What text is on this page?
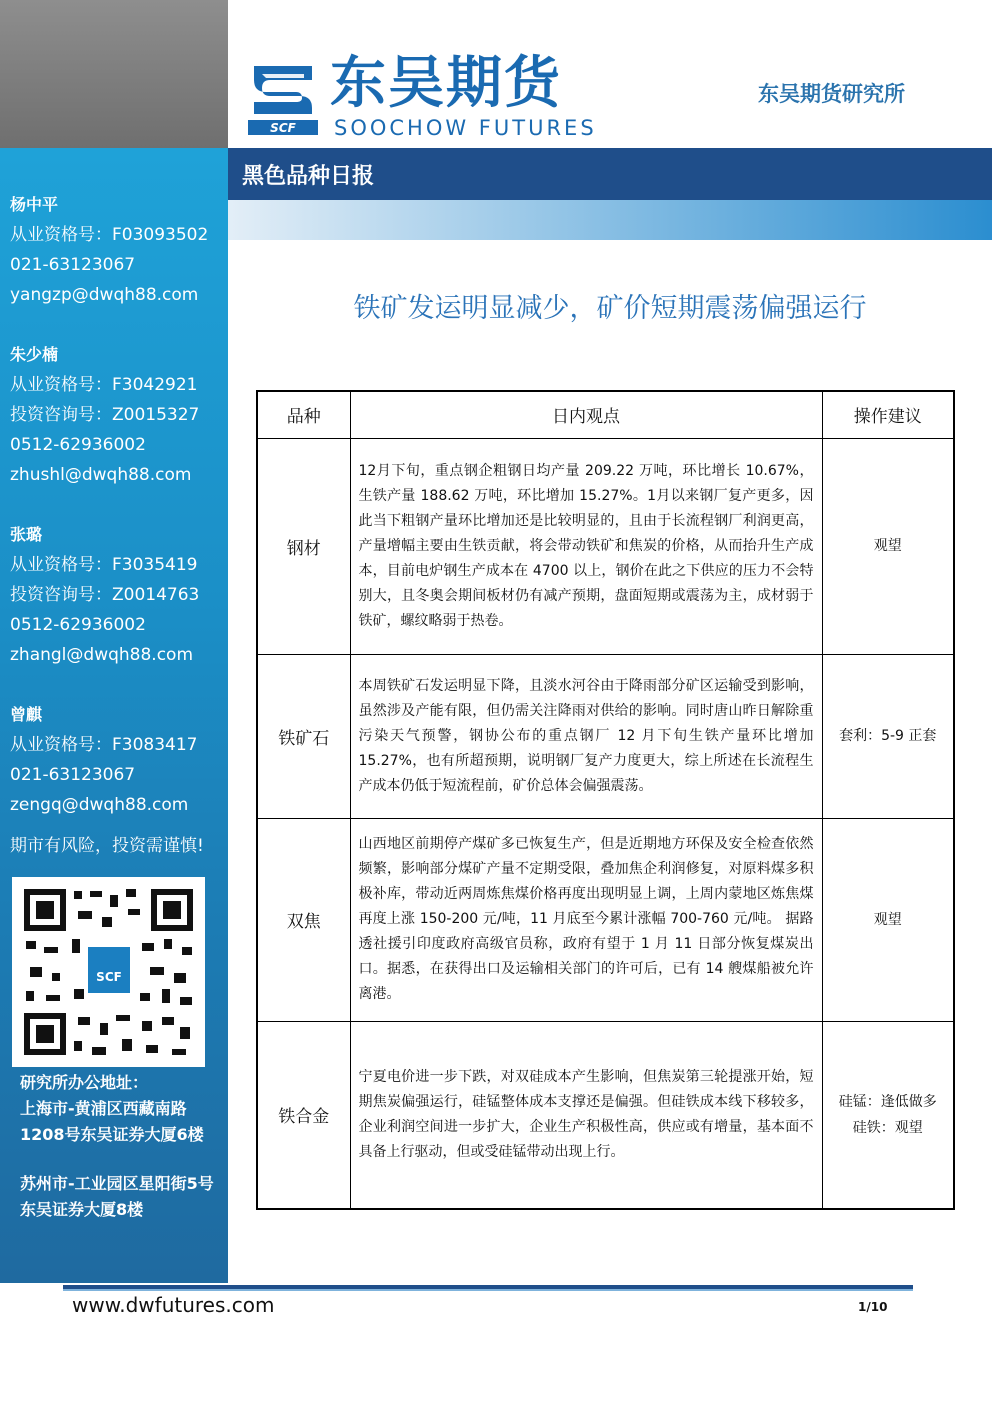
杨中平
从业资格号：F03093502
021-63123067
yangzp@dwqh88.com
朱少楠
从业资格号：F3042921
投资咨询号：Z0015327
0512-62936002
zhushl@dwqh88.com
张璐
从业资格号：F3035419
投资咨询号：Z0014763
0512-62936002
zhangl@dwqh88.com
曾麒
从业资格号：F3083417
021-63123067
zengq@dwqh88.com
期市有风险，投资需谨慎!
SCF
研究所办公地址：
上海市-黄浦区西藏南路1208号东吴证券大厦6楼
苏州市-工业园区星阳街5号东吴证券大厦8楼
SCF
东吴期货
SOOCHOW FUTURES
东吴期货研究所
黑色品种日报
铁矿发运明显减少，矿价短期震荡偏强运行
品种	日内观点	操作建议
钢材	12月下旬，重点钢企粗钢日均产量 209.22 万吨，环比增长 10.67%，生铁产量 188.62 万吨，环比增加 15.27%。1月以来钢厂复产更多，因此当下粗钢产量环比增加还是比较明显的，且由于长流程钢厂利润更高，产量增幅主要由生铁贡献，将会带动铁矿和焦炭的价格，从而抬升生产成本，目前电炉钢生产成本在 4700 以上，钢价在此之下供应的压力不会特别大，且冬奥会期间板材仍有减产预期，盘面短期或震荡为主，成材弱于铁矿，螺纹略弱于热卷。	观望

铁矿石	本周铁矿石发运明显下降，且淡水河谷由于降雨部分矿区运输受到影响，虽然涉及产能有限，但仍需关注降雨对供给的影响。同时唐山昨日解除重污染天气预警，钢协公布的重点钢厂 12 月下旬生铁产量环比增加 15.27%，也有所超预期，说明钢厂复产力度更大，综上所述在长流程生产成本仍低于短流程前，矿价总体会偏强震荡。	套利：5-9 正套

双焦	山西地区前期停产煤矿多已恢复生产，但是近期地方环保及安全检查依然频繁，影响部分煤矿产量不定期受限，叠加焦企利润修复，对原料煤多积极补库，带动近两周炼焦煤价格再度出现明显上调，上周内蒙地区炼焦煤再度上涨 150-200 元/吨，11 月底至今累计涨幅 700-760 元/吨。 据路透社援引印度政府高级官员称，政府有望于 1 月 11 日部分恢复煤炭出口。据悉，在获得出口及运输相关部门的许可后，已有 14 艘煤船被允许离港。	观望

铁合金	宁夏电价进一步下跌，对双硅成本产生影响，但焦炭第三轮提涨开始，短期焦炭偏强运行，硅锰整体成本支撑还是偏强。但硅铁成本线下移较多，企业利润空间进一步扩大，企业生产积极性高，供应或有增量，基本面不具备上行驱动，但或受硅锰带动出现上行。	硅锰：逢低做多
硅铁：观望
www.dwfutures.com	1/10
